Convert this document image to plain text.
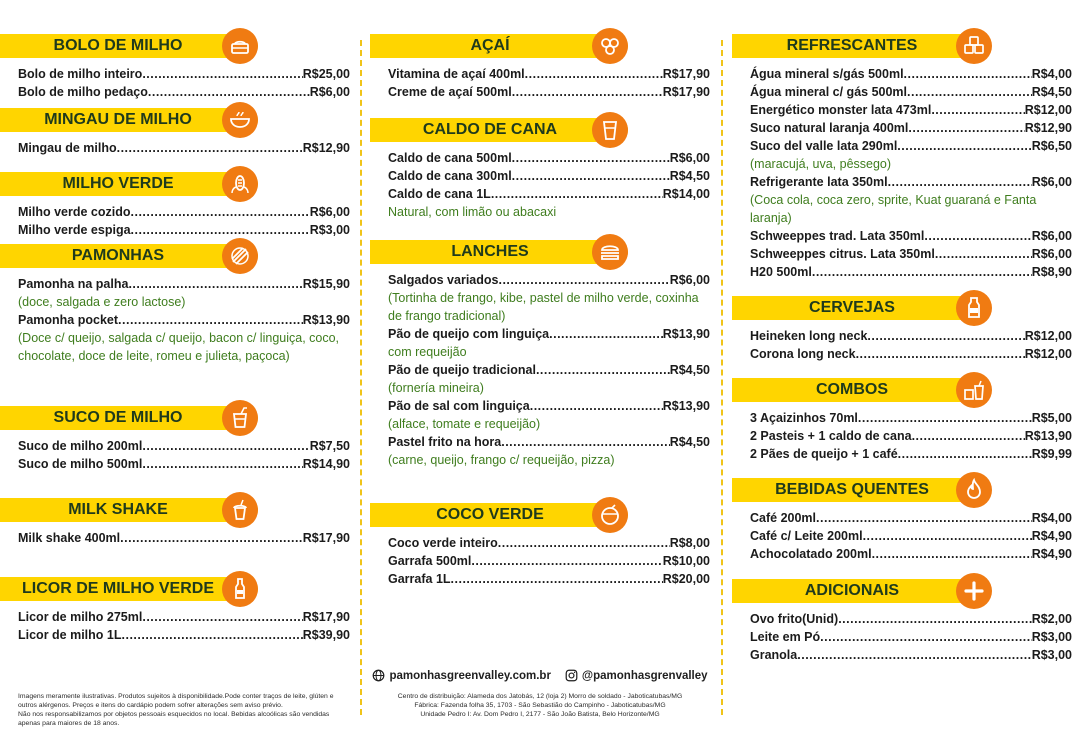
BOLO DE MILHO
Bolo de milho inteiro .....	R$25,00
Bolo de milho pedaço .....	R$6,00
MINGAU DE MILHO
Mingau de milho .....	R$12,90
MILHO VERDE
Milho verde cozido .....	R$6,00
Milho verde espiga .....	R$3,00
PAMONHAS
Pamonha na palha .....	R$15,90
(doce, salgada e zero lactose)
Pamonha pocket .....	R$13,90
(Doce c/ queijo, salgada c/ queijo, bacon c/ linguiça, coco, chocolate, doce de leite, romeu e julieta, paçoca)
SUCO DE MILHO
Suco de milho 200ml .....	R$7,50
Suco de milho 500ml .....	R$14,90
MILK SHAKE
Milk shake 400ml .....	R$17,90
LICOR DE MILHO VERDE
Licor de milho 275ml .....	R$17,90
Licor de milho 1L .....	R$39,90
AÇAÍ
Vitamina de açaí 400ml .....	R$17,90
Creme de açaí 500ml .....	R$17,90
CALDO DE CANA
Caldo de cana 500ml .....	R$6,00
Caldo de cana 300ml .....	R$4,50
Caldo de cana 1L .....	R$14,00
Natural, com limão ou abacaxi
LANCHES
Salgados variados .....	R$6,00
(Tortinha de frango, kibe, pastel de milho verde, coxinha de frango tradicional)
Pão de queijo com linguiça .....	R$13,90
com requeijão
Pão de queijo tradicional .....	R$4,50
(fornería mineira)
Pão de sal com linguiça .....	R$13,90
(alface, tomate e requeijão)
Pastel frito na hora .....	R$4,50
(carne, queijo, frango c/ requeijão, pizza)
COCO VERDE
Coco verde inteiro .....	R$8,00
Garrafa 500ml .....	R$10,00
Garrafa 1L .....	R$20,00
REFRESCANTES
Água mineral s/gás 500ml .....	R$4,00
Água mineral c/ gás 500ml .....	R$4,50
Energético monster lata 473ml .....	R$12,00
Suco natural laranja 400ml .....	R$12,90
Suco del valle lata 290ml .....	R$6,50
(maracujá, uva, pêssego)
Refrigerante lata 350ml .....	R$6,00
(Coca cola, coca zero, sprite, Kuat guaraná e Fanta laranja)
Schweeppes trad. Lata 350ml .....	R$6,00
Schweeppes citrus. Lata 350ml .....	R$6,00
H20 500ml .....	R$8,90
CERVEJAS
Heineken long neck .....	R$12,00
Corona long neck .....	R$12,00
COMBOS
3 Açaizinhos 70ml .....	R$5,00
2 Pasteis + 1 caldo de cana .....	R$13,90
2 Pães de queijo + 1 café .....	R$9,99
BEBIDAS QUENTES
Café 200ml .....	R$4,00
Café c/ Leite 200ml .....	R$4,90
Achocolatado 200ml .....	R$4,90
ADICIONAIS
Ovo frito(Unid) .....	R$2,00
Leite em Pó .....	R$3,00
Granola .....	R$3,00
Imagens meramente ilustrativas. Produtos sujeitos à disponibilidade.Pode conter traços de leite, glúten e outros alérgenos. Preços e itens do cardápio podem sofrer alterações sem aviso prévio.
Não nos responsabilizamos por objetos pessoais esquecidos no local. Bebidas alcoólicas são vendidas apenas para maiores de 18 anos.
pamonhasgreenvalley.com.br	@pamonhasgrenvalley
Centro de distribuição: Alameda dos Jatobás, 12 (loja 2) Morro de soldado - Jaboticatubas/MG
Fábrica: Fazenda folha 35, 1703 - São Sebastião do Campinho - Jaboticatubas/MG
Unidade Pedro I: Av. Dom Pedro I, 2177 - São João Batista, Belo Horizonte/MG
